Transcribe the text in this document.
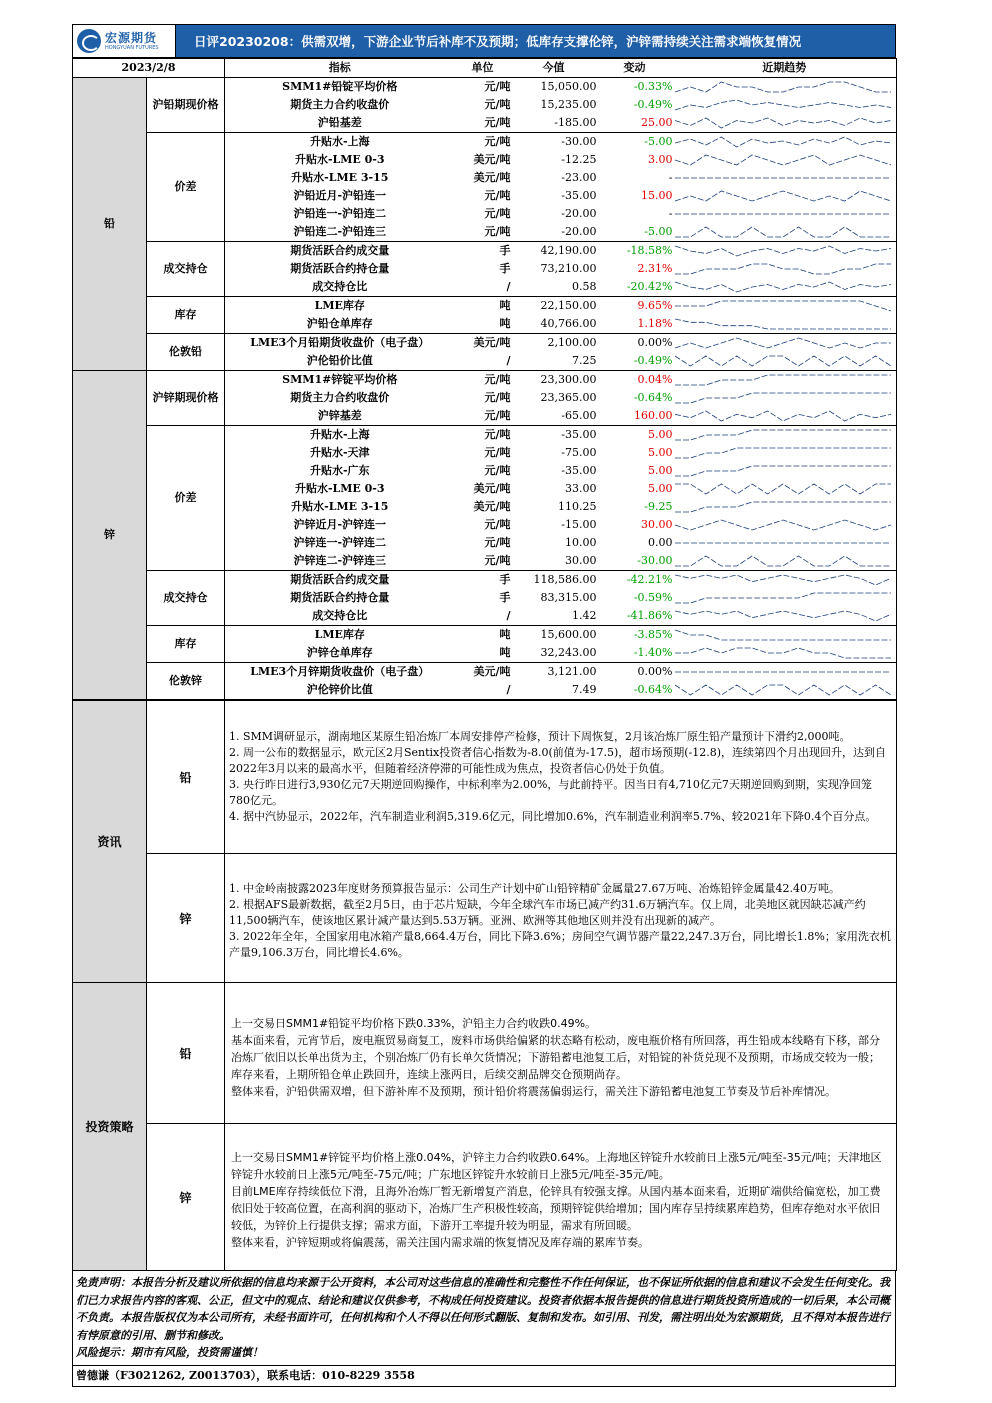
宏源期货
HONGYUAN FUTURES	日评20230208：供需双增，下游企业节后补库不及预期；低库存支撑伦锌，沪锌需持续关注需求端恢复情况
2023/2/8		指标	单位	今值	变动	近期趋势
铅	沪铅期现价格	SMM1#铅锭平均价格	元/吨	15,050.00	-0.33%	

		期货主力合约收盘价	元/吨	15,235.00	-0.49%	

		沪铅基差	元/吨	-185.00	25.00	

	价差	升贴水-上海	元/吨	-30.00	-5.00	

		升贴水-LME 0-3	美元/吨	-12.25	3.00	

		升贴水-LME 3-15	美元/吨	-23.00	-	

		沪铅近月-沪铅连一	元/吨	-35.00	15.00	

		沪铅连一-沪铅连二	元/吨	-20.00	-	

		沪铅连二-沪铅连三	元/吨	-20.00	-5.00	

	成交持仓	期货活跃合约成交量	手	42,190.00	-18.58%	

		期货活跃合约持仓量	手	73,210.00	2.31%	

		成交持仓比	/	0.58	-20.42%	

	库存	LME库存	吨	22,150.00	9.65%	

		沪铅仓单库存	吨	40,766.00	1.18%	

	伦敦铅	LME3个月铅期货收盘价（电子盘）	美元/吨	2,100.00	0.00%	

		沪伦铅价比值	/	7.25	-0.49%	

锌	沪锌期现价格	SMM1#锌锭平均价格	元/吨	23,300.00	0.04%	

		期货主力合约收盘价	元/吨	23,365.00	-0.64%	

		沪锌基差	元/吨	-65.00	160.00	

	价差	升贴水-上海	元/吨	-35.00	5.00	

		升贴水-天津	元/吨	-75.00	5.00	

		升贴水-广东	元/吨	-35.00	5.00	

		升贴水-LME 0-3	美元/吨	33.00	5.00	

		升贴水-LME 3-15	美元/吨	110.25	-9.25	

		沪锌近月-沪锌连一	元/吨	-15.00	30.00	

		沪锌连一-沪锌连二	元/吨	10.00	0.00	

		沪锌连二-沪锌连三	元/吨	30.00	-30.00	

	成交持仓	期货活跃合约成交量	手	118,586.00	-42.21%	

		期货活跃合约持仓量	手	83,315.00	-0.59%	

		成交持仓比	/	1.42	-41.86%	

	库存	LME库存	吨	15,600.00	-3.85%	

		沪锌仓单库存	吨	32,243.00	-1.40%	

	伦敦锌	LME3个月锌期货收盘价（电子盘）	美元/吨	3,121.00	0.00%	

		沪伦锌价比值	/	7.49	-0.64%	
资讯	铅	1. SMM调研显示，湖南地区某原生铅冶炼厂本周安排停产检修，预计下周恢复，2月该冶炼厂原生铅产量预计下滑约2,000吨。

2. 周一公布的数据显示，欧元区2月Sentix投资者信心指数为-8.0(前值为-17.5)，超市场预期(-12.8)，连续第四个月出现回升，达到自2022年3月以来的最高水平，但随着经济停滞的可能性成为焦点，投资者信心仍处于负值。

3. 央行昨日进行3,930亿元7天期逆回购操作，中标利率为2.00%，与此前持平。因当日有4,710亿元7天期逆回购到期，实现净回笼780亿元。

4. 据中汽协显示，2022年，汽车制造业利润5,319.6亿元，同比增加0.6%，汽车制造业利润率5.7%、较2021年下降0.4个百分点。

	锌	1. 中金岭南披露2023年度财务预算报告显示：公司生产计划中矿山铅锌精矿金属量27.67万吨、冶炼铅锌金属量42.40万吨。

2. 根据AFS最新数据，截至2月5日，由于芯片短缺，今年全球汽车市场已减产约31.6万辆汽车。仅上周，北美地区就因缺芯减产约11,500辆汽车，使该地区累计减产量达到5.53万辆。亚洲、欧洲等其他地区则并没有出现新的减产。

3. 2022年全年，全国家用电冰箱产量8,664.4万台，同比下降3.6%；房间空气调节器产量22,247.3万台，同比增长1.8%；家用洗衣机产量9,106.3万台，同比增长4.6%。

投资策略	铅	上一交易日SMM1#铅锭平均价格下跌0.33%，沪铅主力合约收跌0.49%。

基本面来看，元宵节后，废电瓶贸易商复工，废料市场供给偏紧的状态略有松动，废电瓶价格有所回落，再生铅成本线略有下移，部分冶炼厂依旧以长单出货为主，个别冶炼厂仍有长单欠货情况；下游铅蓄电池复工后，对铅锭的补货兑现不及预期，市场成交较为一般；库存来看，上期所铅仓单止跌回升，连续上涨两日，后续交割品牌交仓预期尚存。

整体来看，沪铅供需双增，但下游补库不及预期，预计铅价将震荡偏弱运行，需关注下游铅蓄电池复工节奏及节后补库情况。

	锌	上一交易日SMM1#锌锭平均价格上涨0.04%，沪锌主力合约收跌0.64%。上海地区锌锭升水较前日上涨5元/吨至-35元/吨；天津地区锌锭升水较前日上涨5元/吨至-75元/吨；广东地区锌锭升水较前日上涨5元/吨至-35元/吨。

目前LME库存持续低位下滑，且海外冶炼厂暂无新增复产消息，伦锌具有较强支撑。从国内基本面来看，近期矿端供给偏宽松，加工费依旧处于较高位置，在高利润的驱动下，冶炼厂生产积极性较高，预期锌锭供给增加；国内库存呈持续累库趋势，但库存绝对水平依旧较低，为锌价上行提供支撑；需求方面，下游开工率提升较为明显，需求有所回暖。

整体来看，沪锌短期或将偏震荡，需关注国内需求端的恢复情况及库存端的累库节奏。

免责声明：本报告分析及建议所依据的信息均来源于公开资料，本公司对这些信息的准确性和完整性不作任何保证，也不保证所依据的信息和建议不会发生任何变化。我们已力求报告内容的客观、公正，但文中的观点、结论和建议仅供参考，不构成任何投资建议。投资者依据本报告提供的信息进行期货投资所造成的一切后果，本公司概不负责。本报告版权仅为本公司所有，未经书面许可，任何机构和个人不得以任何形式翻版、复制和发布。如引用、刊发，需注明出处为宏源期货，且不得对本报告进行有悖原意的引用、删节和修改。
风险提示：期市有风险，投资需谨慎！
曾德谦（F3021262, Z0013703），联系电话：010-8229 3558
